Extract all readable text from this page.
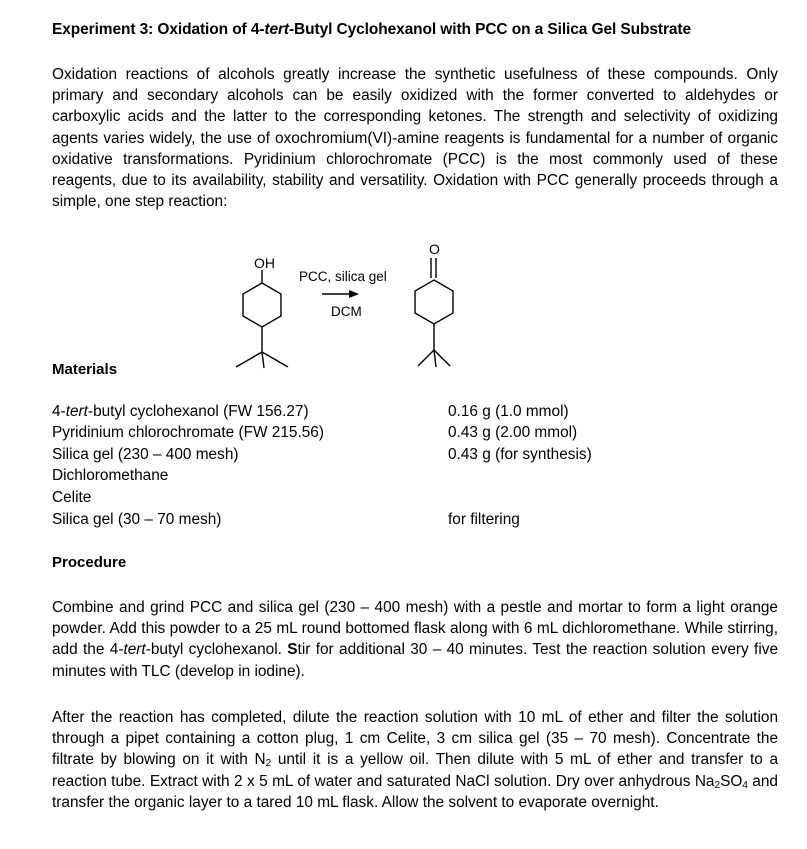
Experiment 3: Oxidation of 4-tert-Butyl Cyclohexanol with PCC on a Silica Gel Substrate

Oxidation reactions of alcohols greatly increase the synthetic usefulness of these compounds. Only primary and secondary alcohols can be easily oxidized with the former converted to aldehydes or carboxylic acids and the latter to the corresponding ketones. The strength and selectivity of oxidizing agents varies widely, the use of oxochromium(VI)-amine reagents is fundamental for a number of organic oxidative transformations. Pyridinium chlorochromate (PCC) is the most commonly used of these reagents, due to its availability, stability and versatility. Oxidation with PCC generally proceeds through a simple, one step reaction:

Materials
4-tert-butyl cyclohexanol (FW 156.27)	0.16 g (1.0 mmol)
Pyridinium chlorochromate (FW 215.56)	0.43 g (2.00 mmol)
Silica gel (230 – 400 mesh)	0.43 g (for synthesis)
Dichloromethane
Celite
Silica gel (30 – 70 mesh)	for filtering
Procedure

Combine and grind PCC and silica gel (230 – 400 mesh) with a pestle and mortar to form a light orange powder. Add this powder to a 25 mL round bottomed flask along with 6 mL dichloromethane. While stirring, add the 4-tert-butyl cyclohexanol. Stir for additional 30 – 40 minutes. Test the reaction solution every five minutes with TLC (develop in iodine).

After the reaction has completed, dilute the reaction solution with 10 mL of ether and filter the solution through a pipet containing a cotton plug, 1 cm Celite, 3 cm silica gel (35 – 70 mesh). Concentrate the filtrate by blowing on it with $N_2$ until it is a yellow oil. Then dilute with 5 mL of ether and transfer to a reaction tube. Extract with 2 x 5 mL of water and saturated NaCl solution. Dry over anhydrous $Na_2SO_4$ and transfer the organic layer to a tared 10 mL flask. Allow the solvent to evaporate overnight.

OH
PCC, silica gel
DCM
O
